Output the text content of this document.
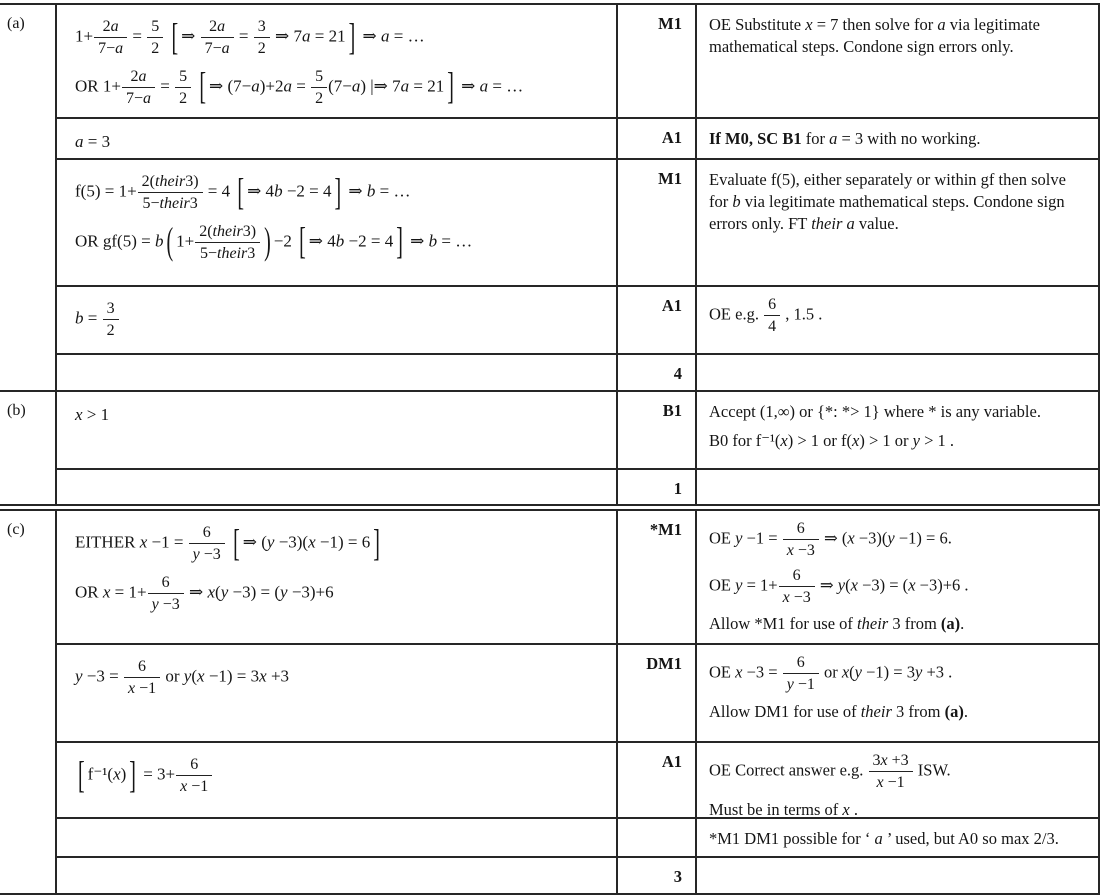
(a)
$1+ \frac{2a}{7-a} = \frac{5}{2}$ [ ⇒ $\frac{2a}{7-a} = \frac{3}{2}$ ⇒ 7a = 21 ] ⇒ a = …
OR $1+ \frac{2a}{7-a} = \frac{5}{2}$ [ ⇒ $(7-a)+2a = \frac{5}{2} (7-a)$ |⇒ 7a = 21 ] ⇒ a = …
M1	OE Substitute x = 7 then solve for a via legitimate mathematical steps. Condone sign errors only.
a = 3	A1	If M0, SC B1 for a = 3 with no working.
$f(5) = 1+ \frac{\text{2(their3)}}{\text{5−their3}} = 4$ [ ⇒ 4b −2 = 4 ] ⇒ b = …
OR gf(5) = b ( $1+ \frac{\text{2(their3)}}{\text{5−their3}}$ ) −2 [ ⇒ 4b −2 = 4 ] ⇒ b = …
M1	Evaluate f(5), either separately or within gf then solve for b via legitimate mathematical steps. Condone sign errors only. FT their a value.
$b = \frac{3}{2}$	A1	OE e.g. $\frac{6}{4}$ , 1.5 .
4
(b)	x > 1	B1	Accept (1,∞) or {*: *> 1} where * is any variable.
B0 for f⁻¹(x) > 1 or f(x) > 1 or y > 1 .
1
(c)
EITHER $x -1 = \frac{6}{y -3}$ [ ⇒ (y −3)(x −1) = 6 ]
OR $x = 1+ \frac{6}{y -3}$ ⇒ x(y −3) = (y −3)+6
*M1	OE $y -1 = \frac{6}{x -3}$ ⇒ (x −3)(y −1) = 6.
OE $y = 1+ \frac{6}{x -3}$ ⇒ y(x −3) = (x −3)+6 .
Allow *M1 for use of their 3 from (a).
$y -3 = \frac{6}{x -1}$ or y(x −1) = 3x +3
DM1	OE $x -3 = \frac{6}{y -1}$ or x(y −1) = 3y +3 .
Allow DM1 for use of their 3 from (a).
[ f⁻¹(x) ] = $3+ \frac{6}{x -1}$	A1	OE Correct answer e.g. $\frac{3x +3}{x -1}$ ISW.
Must be in terms of x .
*M1 DM1 possible for ‘ a ’ used, but A0 so max 2/3.
3
